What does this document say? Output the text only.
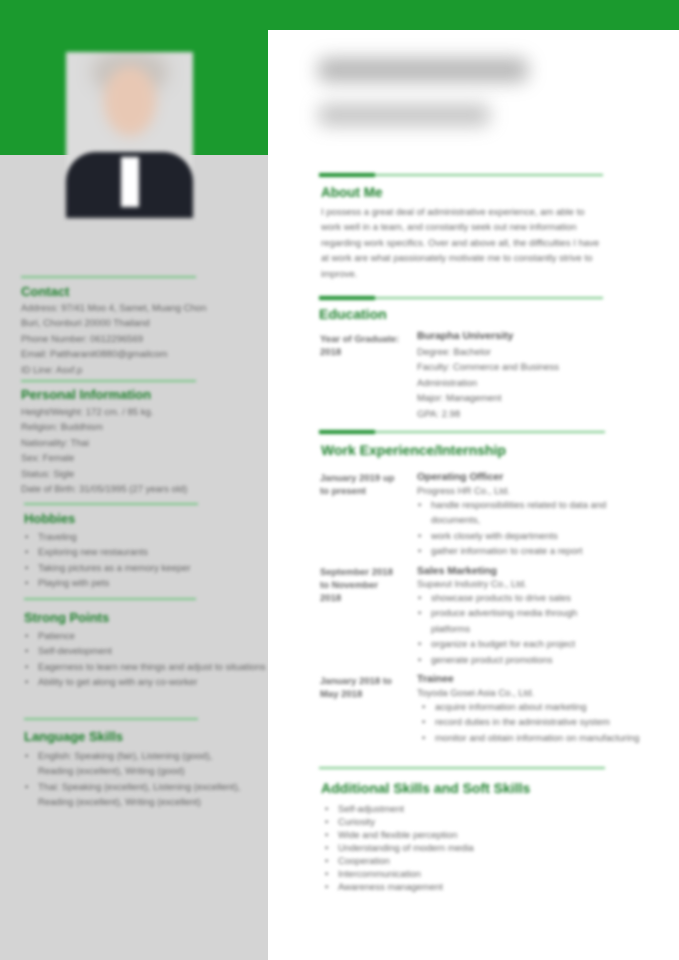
Contact
Address: 97/41 Moo 4, Samet, Muang Chon
Buri, Chonburi 20000 Thailand
Phone Number: 0612296569
Email: Pattharanit0880@gmailcom
ID Line: Asxf.p
Personal Information
Height/Weight: 172 cm. / 85 kg.
Religion: Buddhism
Nationality: Thai
Sex: Female
Status: Sigle
Date of Birth: 31/05/1995 (27 years old)
Hobbies
• Traveling
• Exploring new restaurants
• Taking pictures as a memory keeper
• Playing with pets
Strong Points
• Patience
• Self-development
• Eagerness to learn new things and adjust to situations
• Ability to get along with any co-worker
Language Skills
• English: Speaking (fair), Listening (good), Reading (excellent), Writing (good)
• Thai: Speaking (excellent), Listening (excellent), Reading (excellent), Writing (excellent)
About Me
I possess a great deal of administrative experience, am able to work well in a team, and constantly seek out new information regarding work specifics. Over and above all, the difficulties I have at work are what passionately motivate me to constantly strive to improve.
Education
Year of Graduate: 2018
Burapha University
Degree: Bachelor
Faculty: Commerce and Business Administration
Major: Management
GPA: 2.98
Work Experience/Internship
January 2019 up to present
Operating Officer
Progress HR Co., Ltd.
• handle responsibilities related to data and documents,
• work closely with departments
• gather information to create a report
September 2018 to November 2018
Sales Marketing
Supavut Industry Co., Ltd.
• showcase products to drive sales
• produce advertising media through platforms
• organize a budget for each project
• generate product promotions
January 2018 to May 2018
Trainee
Toyoda Gosei Asia Co., Ltd.
• acquire information about marketing
• record duties in the administrative system
• monitor and obtain information on manufacturing
Additional Skills and Soft Skills
• Self-adjustment
• Curiosity
• Wide and flexible perception
• Understanding of modern media
• Cooperation
• Intercommunication
• Awareness management
